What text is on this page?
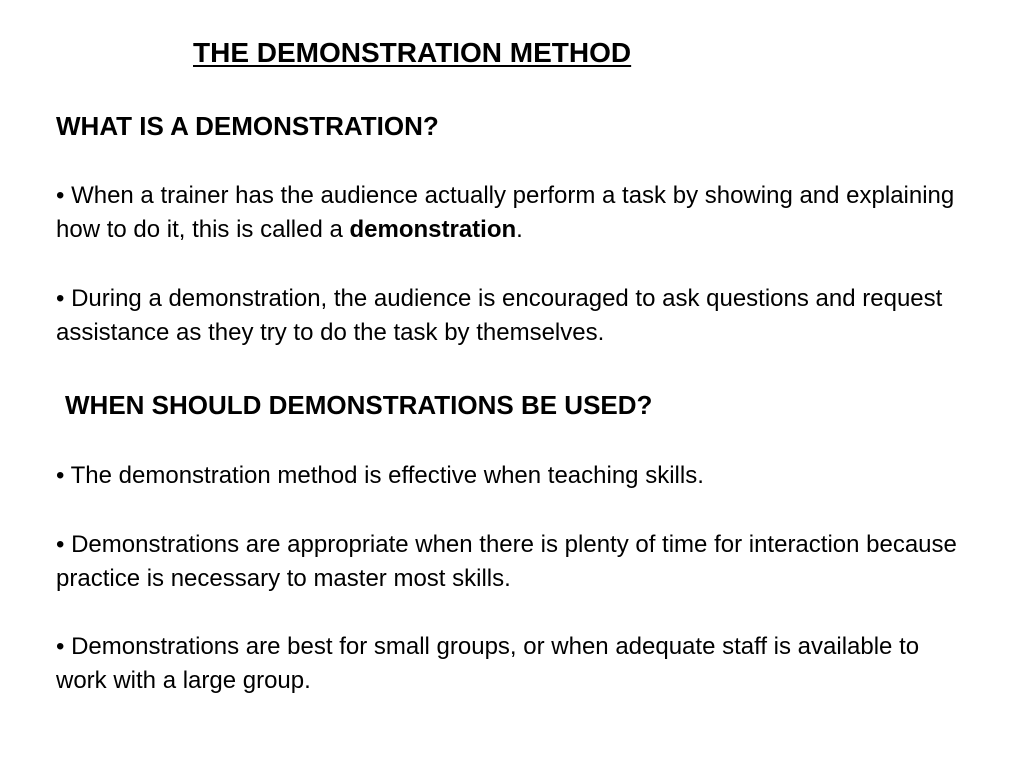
THE DEMONSTRATION METHOD
WHAT IS A DEMONSTRATION?

• When a trainer has the audience actually perform a task by showing and explaining how to do it, this is called a demonstration.

• During a demonstration, the audience is encouraged to ask questions and request assistance as they try to do the task by themselves.

WHEN SHOULD DEMONSTRATIONS BE USED?

• The demonstration method is effective when teaching skills.

• Demonstrations are appropriate when there is plenty of time for interaction because practice is necessary to master most skills.

• Demonstrations are best for small groups, or when adequate staff is available to work with a large group.
